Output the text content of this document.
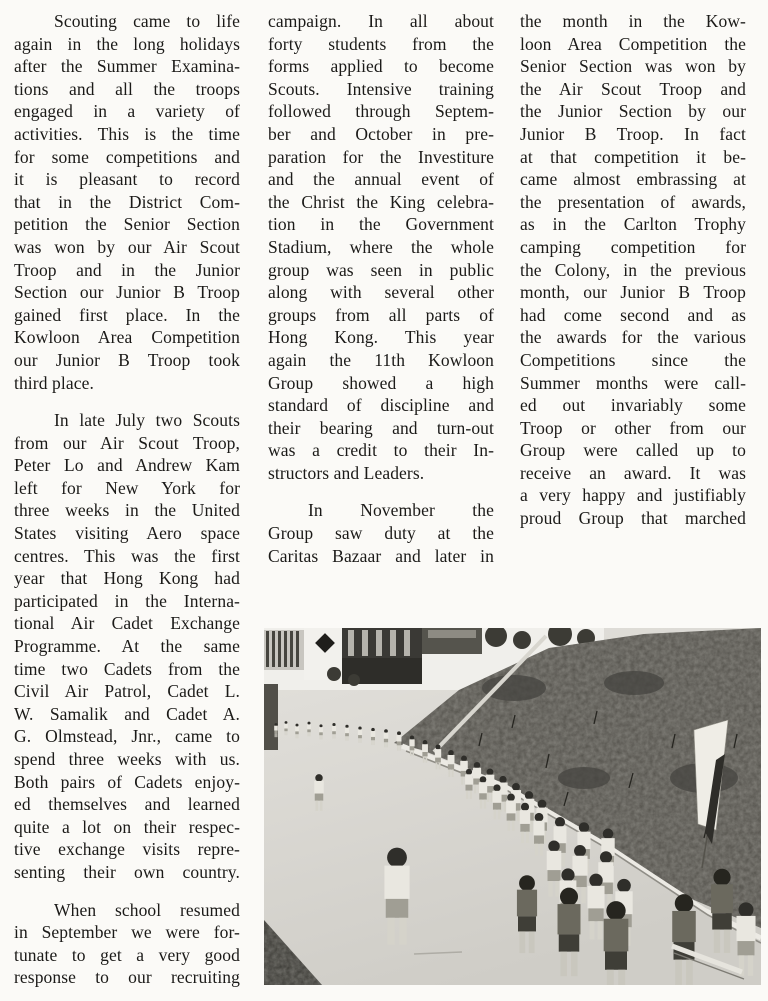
Scouting came to life
again in the long holidays
after the Summer Examina-
tions and all the troops
engaged in a variety of
activities. This is the time
for some competitions and
it is pleasant to record
that in the District Com-
petition the Senior Section
was won by our Air Scout
Troop and in the Junior
Section our Junior B Troop
gained first place. In the
Kowloon Area Competition
our Junior B Troop took
third place.
In late July two Scouts
from our Air Scout Troop,
Peter Lo and Andrew Kam
left for New York for
three weeks in the United
States visiting Aero space
centres. This was the first
year that Hong Kong had
participated in the Interna-
tional Air Cadet Exchange
Programme. At the same
time two Cadets from the
Civil Air Patrol, Cadet L.
W. Samalik and Cadet A.
G. Olmstead, Jnr., came to
spend three weeks with us.
Both pairs of Cadets enjoy-
ed themselves and learned
quite a lot on their respec-
tive exchange visits repre-
senting their own country.
When school resumed
in September we were for-
tunate to get a very good
response to our recruiting
campaign. In all about
forty students from the
forms applied to become
Scouts. Intensive training
followed through Septem-
ber and October in pre-
paration for the Investiture
and the annual event of
the Christ the King celebra-
tion in the Government
Stadium, where the whole
group was seen in public
along with several other
groups from all parts of
Hong Kong. This year
again the 11th Kowloon
Group showed a high
standard of discipline and
their bearing and turn-out
was a credit to their In-
structors and Leaders.
In November the
Group saw duty at the
Caritas Bazaar and later in
the month in the Kow-
loon Area Competition the
Senior Section was won by
the Air Scout Troop and
the Junior Section by our
Junior B Troop. In fact
at that competition it be-
came almost embrassing at
the presentation of awards,
as in the Carlton Trophy
camping competition for
the Colony, in the previous
month, our Junior B Troop
had come second and as
the awards for the various
Competitions since the
Summer months were call-
ed out invariably some
Troop or other from our
Group were called up to
receive an award. It was
a very happy and justifiably
proud Group that marched
